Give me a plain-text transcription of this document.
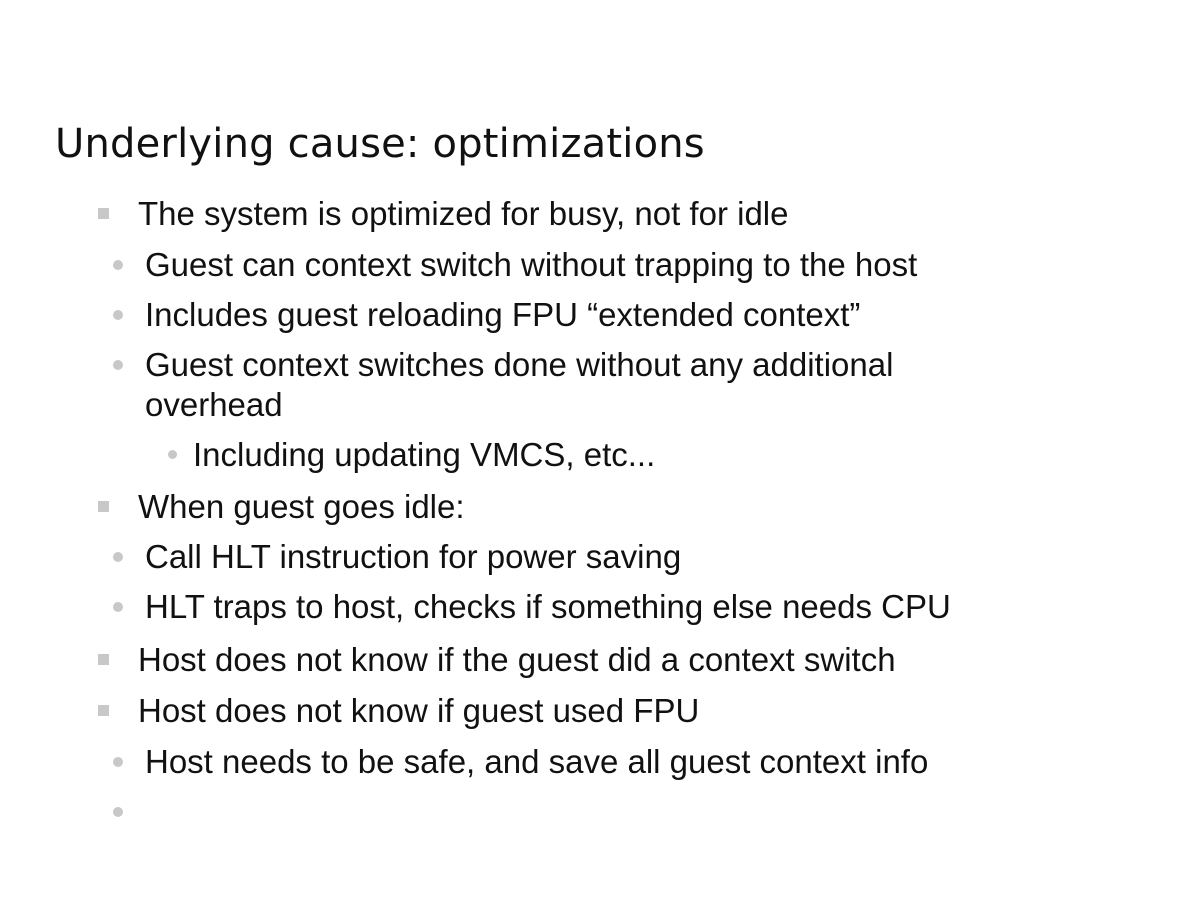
Underlying cause: optimizations
The system is optimized for busy, not for idle
Guest can context switch without trapping to the host
Includes guest reloading FPU “extended context”
Guest context switches done without any additional
overhead
Including updating VMCS, etc...
When guest goes idle:
Call HLT instruction for power saving
HLT traps to host, checks if something else needs CPU
Host does not know if the guest did a context switch
Host does not know if guest used FPU
Host needs to be safe, and save all guest context info
